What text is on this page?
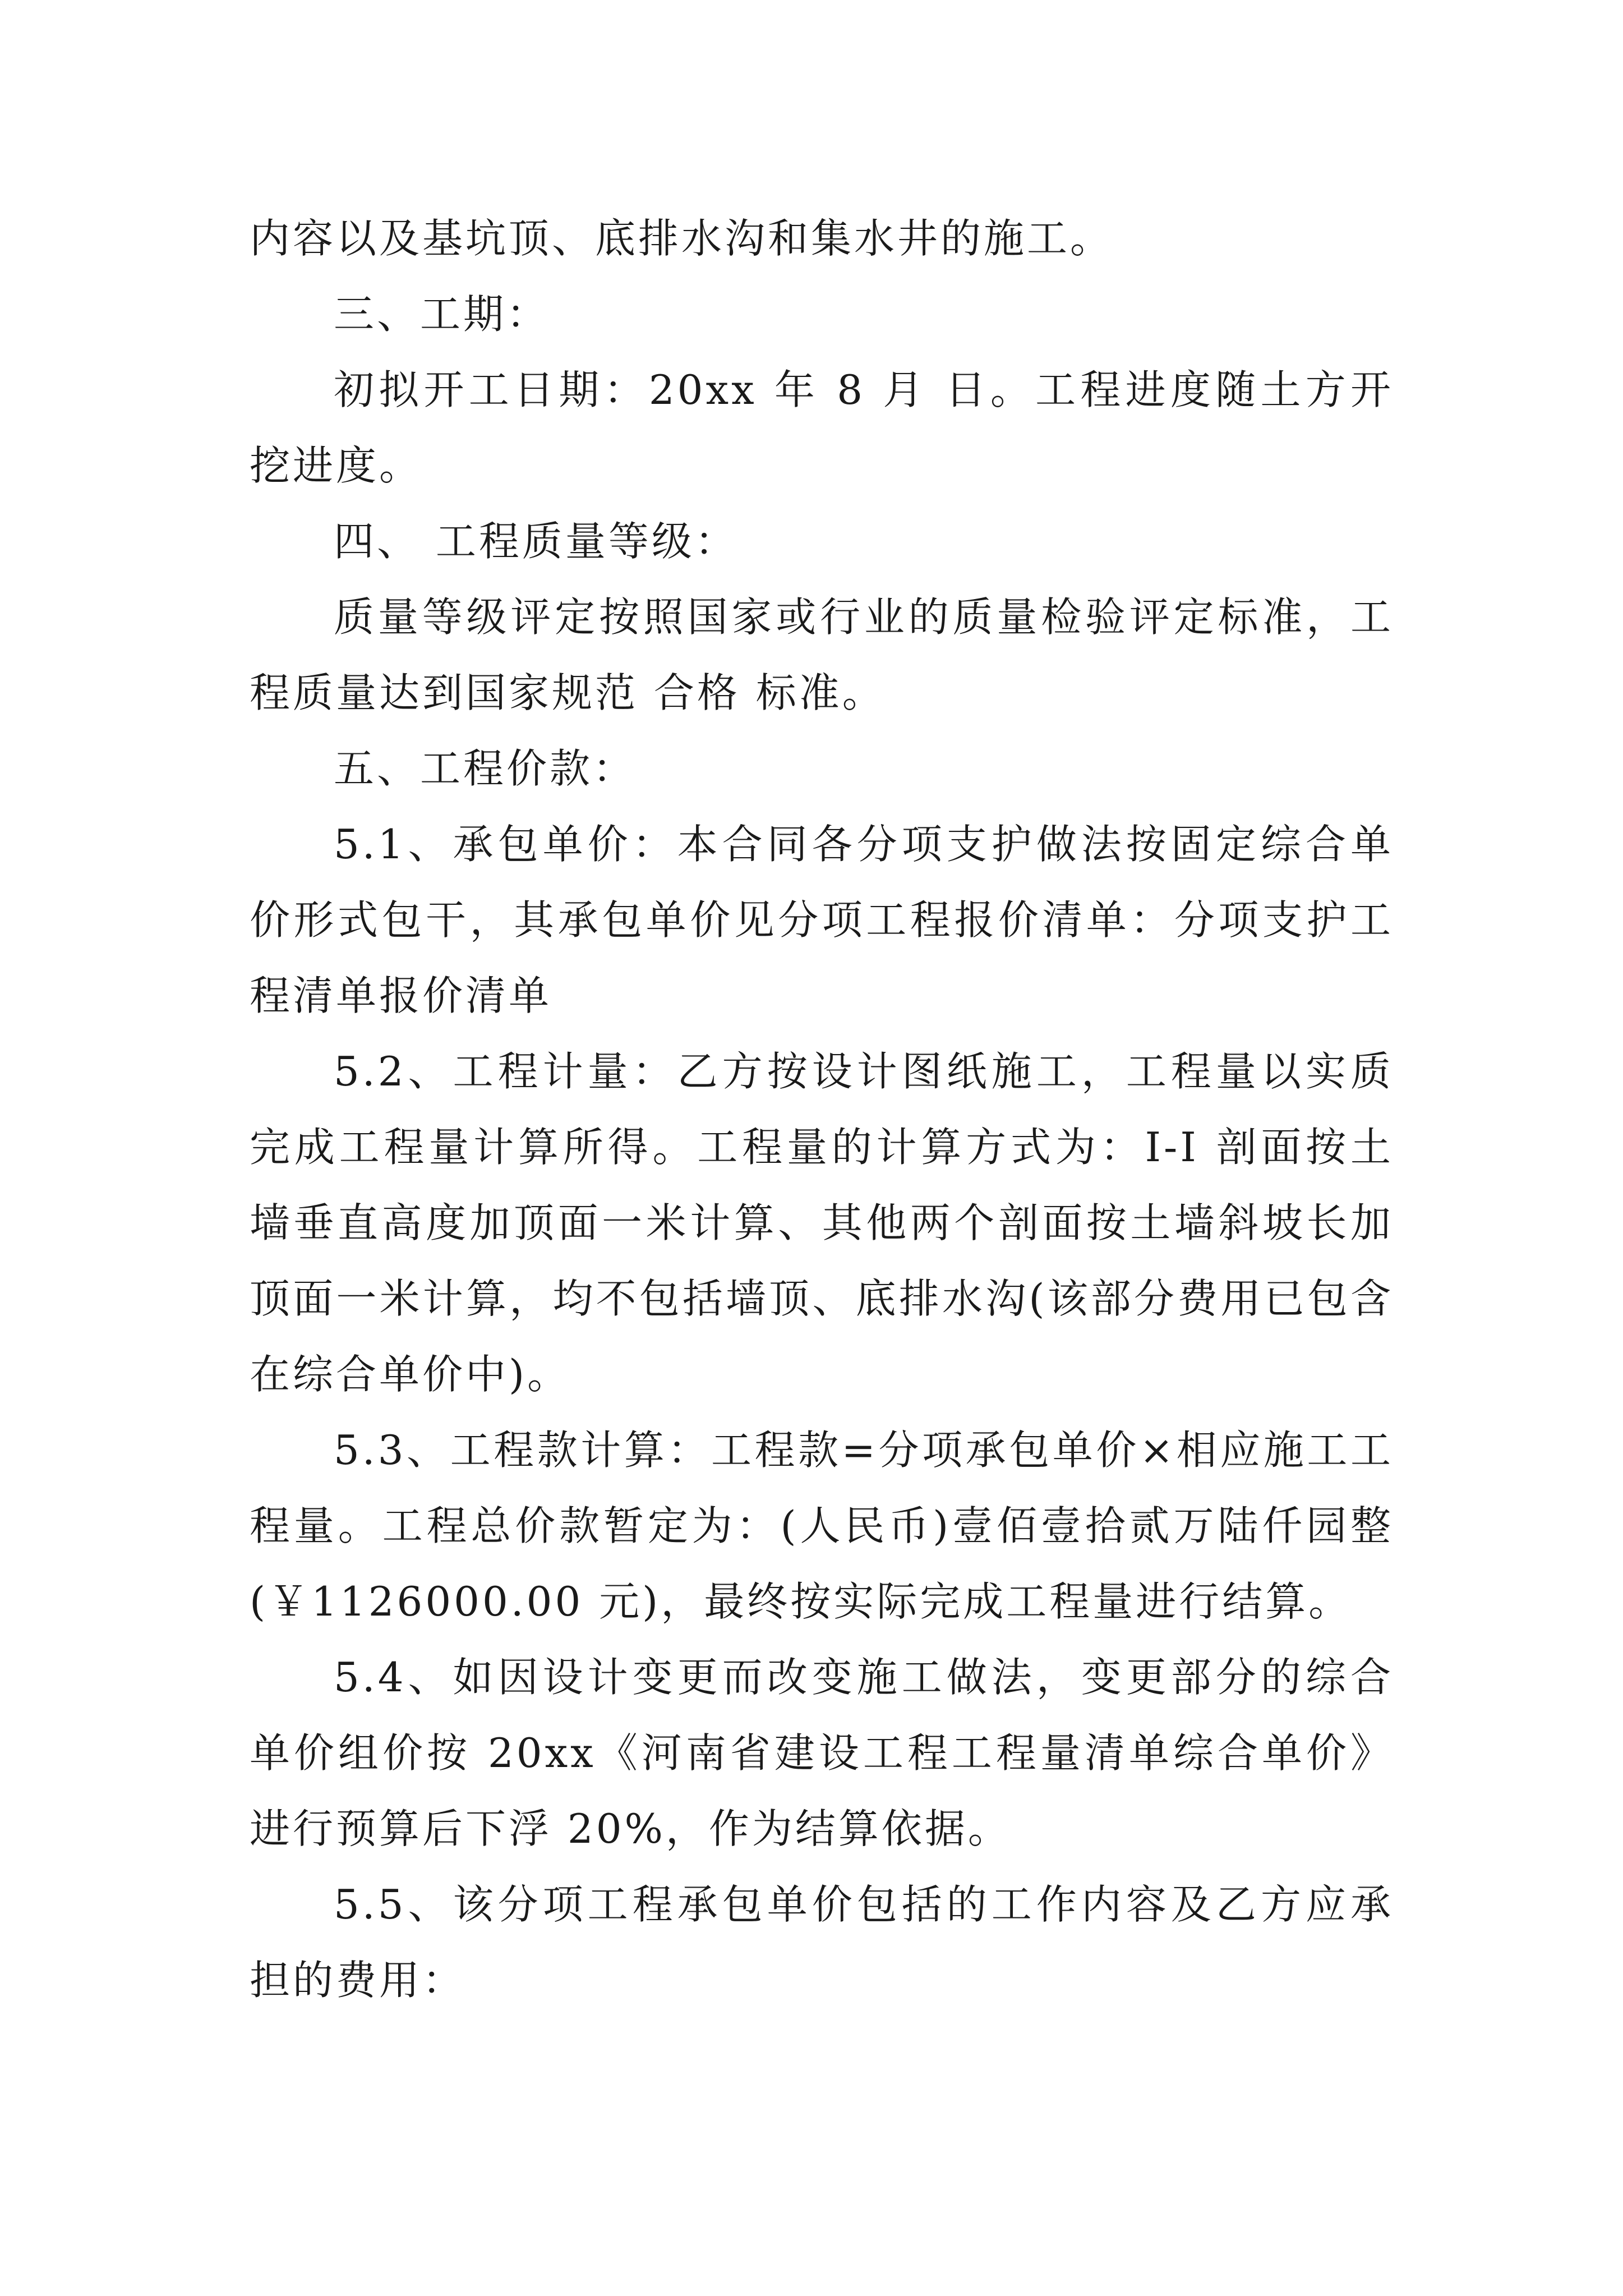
内容以及基坑顶、底排水沟和集水井的施工。

三、工期：

初拟开工日期：20xx 年 8 月 日。工程进度随土方开挖进度。

四、 工程质量等级：

质量等级评定按照国家或行业的质量检验评定标准，工程质量达到国家规范 合格 标准。

五、工程价款：

5.1、承包单价：本合同各分项支护做法按固定综合单价形式包干，其承包单价见分项工程报价清单：分项支护工程清单报价清单

5.2、工程计量：乙方按设计图纸施工，工程量以实质完成工程量计算所得。工程量的计算方式为：I-I 剖面按土墙垂直高度加顶面一米计算、其他两个剖面按土墙斜坡长加顶面一米计算，均不包括墙顶、底排水沟(该部分费用已包含在综合单价中)。

5.3、工程款计算：工程款=分项承包单价×相应施工工程量。工程总价款暂定为：(人民币)壹佰壹拾贰万陆仟园整(￥1126000.00 元)，最终按实际完成工程量进行结算。

5.4、如因设计变更而改变施工做法，变更部分的综合单价组价按 20xx《河南省建设工程工程量清单综合单价》进行预算后下浮 20%，作为结算依据。

5.5、该分项工程承包单价包括的工作内容及乙方应承担的费用：
